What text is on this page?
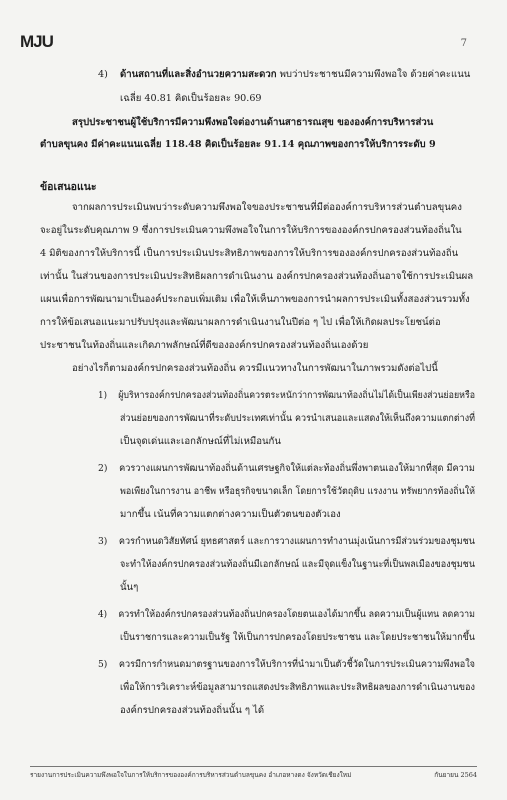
MJU	7
4) ด้านสถานที่และสิ่งอำนวยความสะดวก พบว่าประชาชนมีความพึงพอใจ ด้วยค่าคะแนน
เฉลี่ย 40.81 คิดเป็นร้อยละ 90.69
สรุปประชาชนผู้ใช้บริการมีความพึงพอใจต่องานด้านสาธารณสุข ขององค์การบริหารส่วน
ตำบลขุนคง มีค่าคะแนนเฉลี่ย 118.48 คิดเป็นร้อยละ 91.14 คุณภาพของการให้บริการระดับ 9
ข้อเสนอแนะ
จากผลการประเมินพบว่าระดับความพึงพอใจของประชาชนที่มีต่อองค์การบริหารส่วนตำบลขุนคง
จะอยู่ในระดับคุณภาพ 9 ซึ่งการประเมินความพึงพอใจในการให้บริการขององค์กรปกครองส่วนท้องถิ่นใน
4 มิติของการให้บริการนี้ เป็นการประเมินประสิทธิภาพของการให้บริการขององค์กรปกครองส่วนท้องถิ่น
เท่านั้น ในส่วนของการประเมินประสิทธิผลการดำเนินงาน องค์กรปกครองส่วนท้องถิ่นอาจใช้การประเมินผล
แผนเพื่อการพัฒนามาเป็นองค์ประกอบเพิ่มเติม เพื่อให้เห็นภาพของการนำผลการประเมินทั้งสองส่วนรวมทั้ง
การให้ข้อเสนอแนะมาปรับปรุงและพัฒนาผลการดำเนินงานในปีต่อ ๆ ไป เพื่อให้เกิดผลประโยชน์ต่อ
ประชาชนในท้องถิ่นและเกิดภาพลักษณ์ที่ดีขององค์กรปกครองส่วนท้องถิ่นเองด้วย
อย่างไรก็ตามองค์กรปกครองส่วนท้องถิ่น ควรมีแนวทางในการพัฒนาในภาพรวมดังต่อไปนี้
1) ผู้บริหารองค์กรปกครองส่วนท้องถิ่นควรตระหนักว่าการพัฒนาท้องถิ่นไม่ได้เป็นเพียงส่วนย่อยหรือ
ส่วนย่อยของการพัฒนาที่ระดับประเทศเท่านั้น ควรนำเสนอและแสดงให้เห็นถึงความแตกต่างที่
เป็นจุดเด่นและเอกลักษณ์ที่ไม่เหมือนกัน
2) ควรวางแผนการพัฒนาท้องถิ่นด้านเศรษฐกิจให้แต่ละท้องถิ่นพึ่งพาตนเองให้มากที่สุด มีความ
พอเพียงในการงาน อาชีพ หรือธุรกิจขนาดเล็ก โดยการใช้วัตถุดิบ แรงงาน ทรัพยากรท้องถิ่นให้
มากขึ้น เน้นที่ความแตกต่างความเป็นตัวตนของตัวเอง
3) ควรกำหนดวิสัยทัศน์ ยุทธศาสตร์ และการวางแผนการทำงานมุ่งเน้นการมีส่วนร่วมของชุมชน
จะทำให้องค์กรปกครองส่วนท้องถิ่นมีเอกลักษณ์ และมีจุดแข็งในฐานะที่เป็นพลเมืองของชุมชน
นั้นๆ
4) ควรทำให้องค์กรปกครองส่วนท้องถิ่นปกครองโดยตนเองได้มากขึ้น ลดความเป็นผู้แทน ลดความ
เป็นราชการและความเป็นรัฐ ให้เป็นการปกครองโดยประชาชน และโดยประชาชนให้มากขึ้น
5) ควรมีการกำหนดมาตรฐานของการให้บริการที่นำมาเป็นตัวชี้วัดในการประเมินความพึงพอใจ
เพื่อให้การวิเคราะห์ข้อมูลสามารถแสดงประสิทธิภาพและประสิทธิผลของการดำเนินงานของ
องค์กรปกครองส่วนท้องถิ่นนั้น ๆ ได้
รายงานการประเมินความพึงพอใจในการให้บริการขององค์การบริหารส่วนตำบลขุนคง อำเภอหางดง จังหวัดเชียงใหม่	กันยายน 2564
